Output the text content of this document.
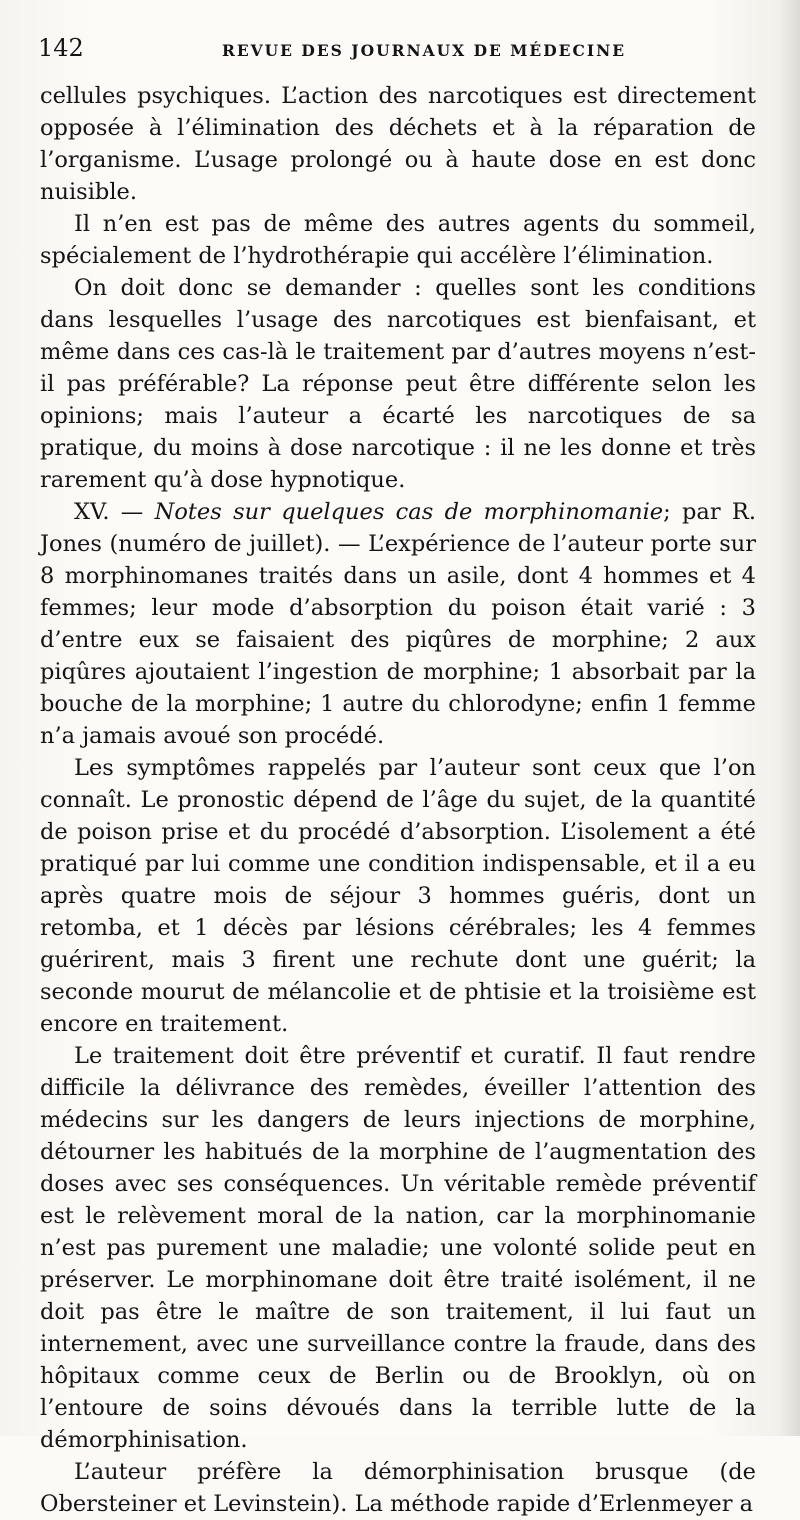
142	REVUE DES JOURNAUX DE MÉDECINE

cellules psychiques. L’action des narcotiques est directement opposée à l’élimination des déchets et à la réparation de l’organisme. L’usage prolongé ou à haute dose en est donc nuisible.

Il n’en est pas de même des autres agents du sommeil, spécialement de l’hydrothérapie qui accélère l’élimination.

On doit donc se demander : quelles sont les conditions dans lesquelles l’usage des narcotiques est bienfaisant, et même dans ces cas-là le traitement par d’autres moyens n’est-il pas préférable? La réponse peut être différente selon les opinions; mais l’auteur a écarté les narcotiques de sa pratique, du moins à dose narcotique : il ne les donne et très rarement qu’à dose hypnotique.

XV. — Notes sur quelques cas de morphinomanie; par R. Jones (numéro de juillet). — L’expérience de l’auteur porte sur 8 morphinomanes traités dans un asile, dont 4 hommes et 4 femmes; leur mode d’absorption du poison était varié : 3 d’entre eux se faisaient des piqûres de morphine; 2 aux piqûres ajoutaient l’ingestion de morphine; 1 absorbait par la bouche de la morphine; 1 autre du chlorodyne; enfin 1 femme n’a jamais avoué son procédé.

Les symptômes rappelés par l’auteur sont ceux que l’on connaît. Le pronostic dépend de l’âge du sujet, de la quantité de poison prise et du procédé d’absorption. L’isolement a été pratiqué par lui comme une condition indispensable, et il a eu après quatre mois de séjour 3 hommes guéris, dont un retomba, et 1 décès par lésions cérébrales; les 4 femmes guérirent, mais 3 firent une rechute dont une guérit; la seconde mourut de mélancolie et de phtisie et la troisième est encore en traitement.

Le traitement doit être préventif et curatif. Il faut rendre difficile la délivrance des remèdes, éveiller l’attention des médecins sur les dangers de leurs injections de morphine, détourner les habitués de la morphine de l’augmentation des doses avec ses conséquences. Un véritable remède préventif est le relèvement moral de la nation, car la morphinomanie n’est pas purement une maladie; une volonté solide peut en préserver. Le morphinomane doit être traité isolément, il ne doit pas être le maître de son traitement, il lui faut un internement, avec une surveillance contre la fraude, dans des hôpitaux comme ceux de Berlin ou de Brooklyn, où on l’entoure de soins dévoués dans la terrible lutte de la démorphinisation.

L’auteur préfère la démorphinisation brusque (de Obersteiner et Levinstein). La méthode rapide d’Erlenmeyer a
